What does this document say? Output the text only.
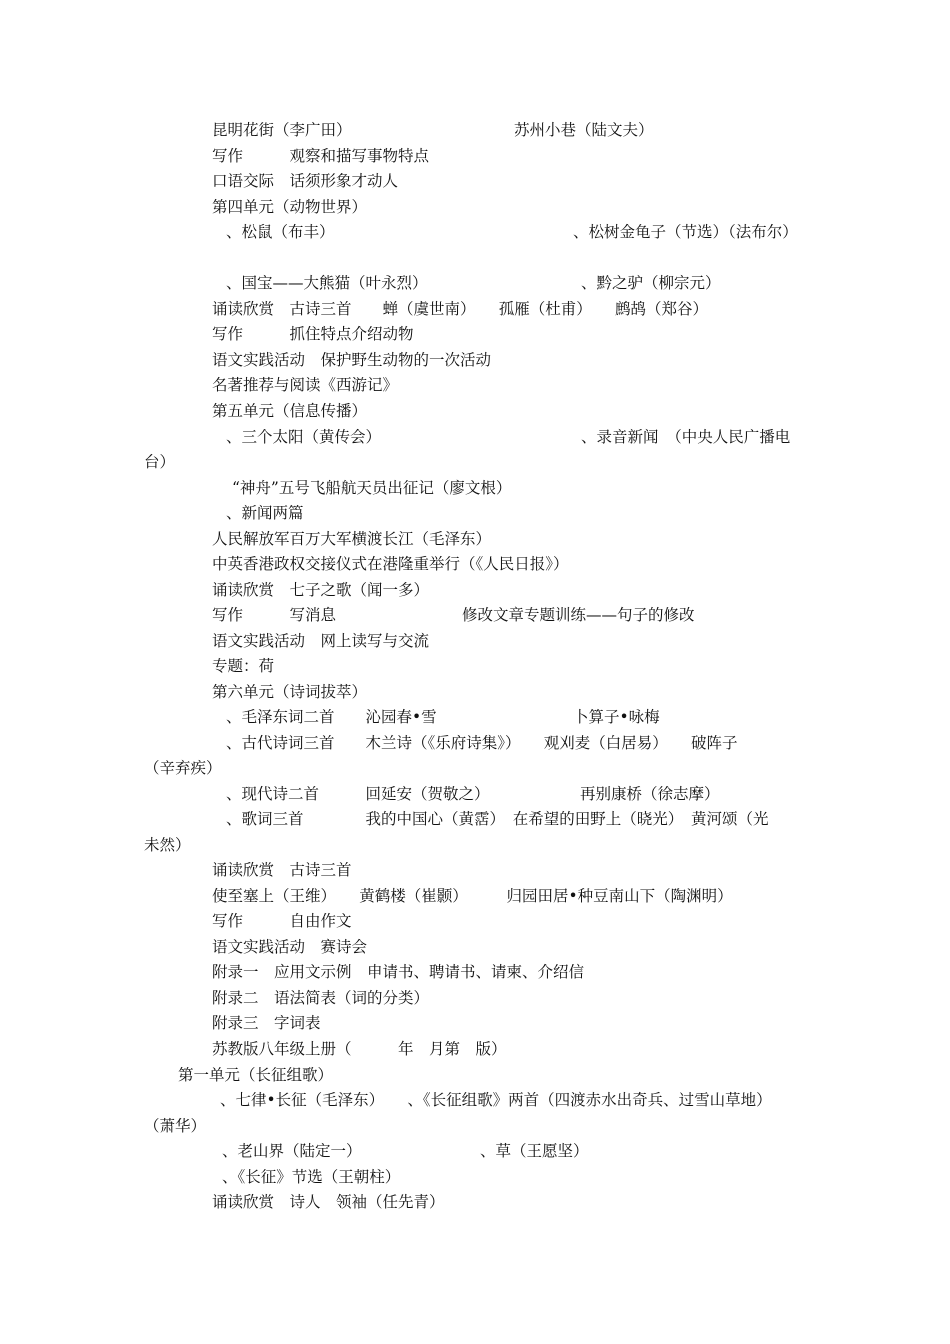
昆明花街（李广田）	苏州小巷（陆文夫）
写作　　　观察和描写事物特点
口语交际　话须形象才动人
第四单元（动物世界）
、松鼠（布丰）	、松树金龟子（节选）（法布尔）
、国宝——大熊猫（叶永烈）	、黔之驴（柳宗元）
诵读欣赏　古诗三首　　蝉（虞世南）　　孤雁（杜甫）　　鹧鸪（郑谷）
写作　　　抓住特点介绍动物
语文实践活动　保护野生动物的一次活动
名著推荐与阅读《西游记》
第五单元（信息传播）
、三个太阳（黄传会）	、录音新闻　（中央人民广播电
台）
“神舟”五号飞船航天员出征记（廖文根）
、新闻两篇
人民解放军百万大军横渡长江（毛泽东）
中英香港政权交接仪式在港隆重举行（《人民日报》）
诵读欣赏　七子之歌（闻一多）
写作　　　写消息	修改文章专题训练——句子的修改
语文实践活动　网上读写与交流
专题：荷
第六单元（诗词拔萃）
、毛泽东词二首　　沁园春•雪	卜算子•咏梅
、古代诗词三首　　木兰诗（《乐府诗集》）　　观刈麦（白居易）　　破阵子
（辛弃疾）
、现代诗二首　　　回延安（贺敬之）	再别康桥（徐志摩）
、歌词三首　　　　我的中国心（黄霑）　在希望的田野上（晓光）　黄河颂（光
未然）
诵读欣赏　古诗三首
使至塞上（王维）　　黄鹤楼（崔颢）　　　归园田居•种豆南山下（陶渊明）
写作　　　自由作文
语文实践活动　赛诗会
附录一　应用文示例　申请书、聘请书、请柬、介绍信
附录二　语法简表（词的分类）
附录三　字词表
苏教版八年级上册（　　　年　月第　版）
第一单元（长征组歌）
、七律•长征（毛泽东）　　、《长征组歌》两首（四渡赤水出奇兵、过雪山草地）
（萧华）
、老山界（陆定一）	、草（王愿坚）
、《长征》节选（王朝柱）
诵读欣赏　诗人　领袖（任先青）
